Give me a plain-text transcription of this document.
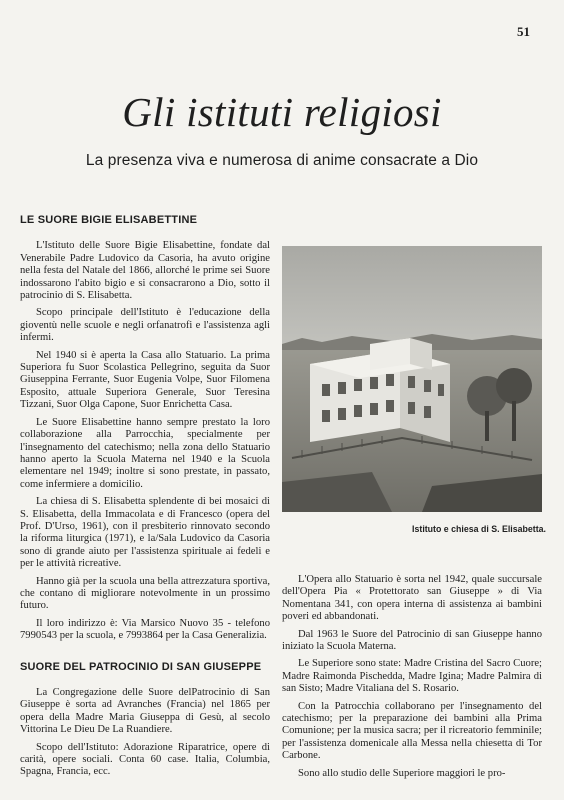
51
Gli istituti religiosi
La presenza viva e numerosa di anime consacrate a Dio
LE SUORE BIGIE ELISABETTINE

L'Istituto delle Suore Bigie Elisabettine, fondate dal Venerabile Padre Ludovico da Casoria, ha avuto origine nella festa del Natale del 1866, allorché le prime sei Suore indossarono l'abito bigio e si consacrarono a Dio, sotto il patrocinio di S. Elisabetta.

Scopo principale dell'Istituto è l'educazione della gioventù nelle scuole e negli orfanatrofi e l'assistenza agli infermi.

Nel 1940 si è aperta la Casa allo Statuario. La prima Superiora fu Suor Scolastica Pellegrino, seguita da Suor Giuseppina Ferrante, Suor Eugenia Volpe, Suor Filomena Esposito, attuale Superiora Generale, Suor Teresina Tizzani, Suor Olga Capone, Suor Enrichetta Casa.

Le Suore Elisabettine hanno sempre prestato la loro collaborazione alla Parrocchia, specialmente per l'insegnamento del catechismo; nella zona dello Statuario hanno aperto la Scuola Materna nel 1940 e la Scuola elementare nel 1949; inoltre si sono prestate, in passato, come infermiere a domicilio.

La chiesa di S. Elisabetta splendente di bei mosaici di S. Elisabetta, della Immacolata e di Francesco (opera del Prof. D'Urso, 1961), con il presbiterio rinnovato secondo la riforma liturgica (1971), e la/Sala Ludovico da Casoria sono di grande aiuto per l'assistenza spirituale ai fedeli e per le attività ricreative.

Hanno già per la scuola una bella attrezzatura sportiva, che contano di migliorare notevolmente in un prossimo futuro.

Il loro indirizzo è: Via Marsico Nuovo 35 - telefono 7990543 per la scuola, e 7993864 per la Casa Generalizia.

SUORE DEL PATROCINIO DI SAN GIUSEPPE

La Congregazione delle Suore delPatrocinio di San Giuseppe è sorta ad Avranches (Francia) nel 1865 per opera della Madre Maria Giuseppa di Gesù, al secolo Vittorina Le Dieu De La Ruandiere.

Scopo dell'Istituto: Adorazione Riparatrice, opere di carità, opere sociali. Conta 60 case. Italia, Columbia, Spagna, Francia, ecc.

Istituto e chiesa di S. Elisabetta.

L'Opera allo Statuario è sorta nel 1942, quale succursale dell'Opera Pia « Protettorato san Giuseppe » di Via Nomentana 341, con opera interna di assistenza ai bambini poveri ed abbandonati.

Dal 1963 le Suore del Patrocinio di san Giuseppe hanno iniziato la Scuola Materna.

Le Superiore sono state: Madre Cristina del Sacro Cuore; Madre Raimonda Pischedda, Madre Igina; Madre Palmira di san Sisto; Madre Vitaliana del S. Rosario.

Con la Patrocchia collaborano per l'insegnamento del catechismo; per la preparazione dei bambini alla Prima Comunione; per la musica sacra; per il ricreatorio femminile; per l'assistenza domenicale alla Messa nella chiesetta di Tor Carbone.

Sono allo studio delle Superiore maggiori le pro-
